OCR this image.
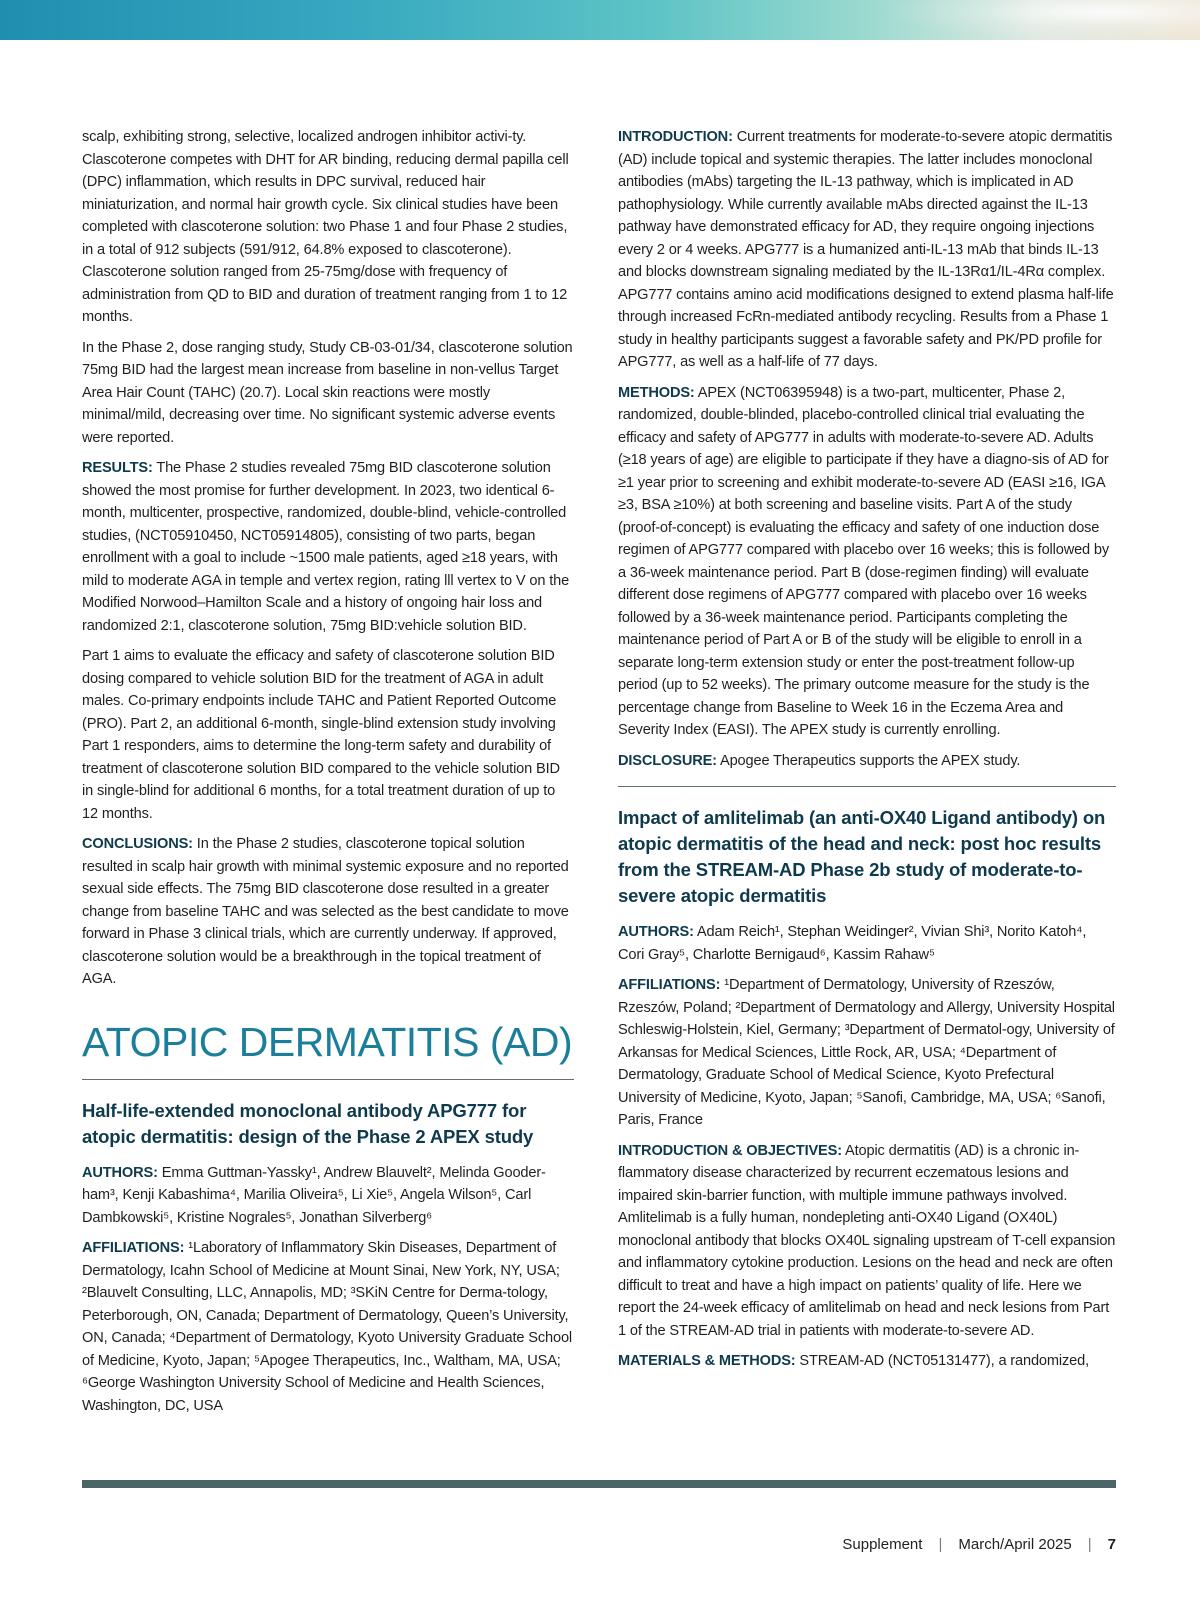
scalp, exhibiting strong, selective, localized androgen inhibitor activi-ty. Clascoterone competes with DHT for AR binding, reducing dermal papilla cell (DPC) inflammation, which results in DPC survival, reduced hair miniaturization, and normal hair growth cycle. Six clinical studies have been completed with clascoterone solution: two Phase 1 and four Phase 2 studies, in a total of 912 subjects (591/912, 64.8% exposed to clascoterone). Clascoterone solution ranged from 25-75mg/dose with frequency of administration from QD to BID and duration of treatment ranging from 1 to 12 months.

In the Phase 2, dose ranging study, Study CB-03-01/34, clascoterone solution 75mg BID had the largest mean increase from baseline in non-vellus Target Area Hair Count (TAHC) (20.7). Local skin reactions were mostly minimal/mild, decreasing over time. No significant systemic adverse events were reported.

RESULTS: The Phase 2 studies revealed 75mg BID clascoterone solution showed the most promise for further development. In 2023, two identical 6-month, multicenter, prospective, randomized, double-blind, vehicle-controlled studies, (NCT05910450, NCT05914805), consisting of two parts, began enrollment with a goal to include ~1500 male patients, aged ≥18 years, with mild to moderate AGA in temple and vertex region, rating lll vertex to V on the Modified Norwood–Hamilton Scale and a history of ongoing hair loss and randomized 2:1, clascoterone solution, 75mg BID:vehicle solution BID.

Part 1 aims to evaluate the efficacy and safety of clascoterone solution BID dosing compared to vehicle solution BID for the treatment of AGA in adult males. Co-primary endpoints include TAHC and Patient Reported Outcome (PRO). Part 2, an additional 6-month, single-blind extension study involving Part 1 responders, aims to determine the long-term safety and durability of treatment of clascoterone solution BID compared to the vehicle solution BID in single-blind for additional 6 months, for a total treatment duration of up to 12 months.

CONCLUSIONS: In the Phase 2 studies, clascoterone topical solution resulted in scalp hair growth with minimal systemic exposure and no reported sexual side effects. The 75mg BID clascoterone dose resulted in a greater change from baseline TAHC and was selected as the best candidate to move forward in Phase 3 clinical trials, which are currently underway. If approved, clascoterone solution would be a breakthrough in the topical treatment of AGA.

ATOPIC DERMATITIS (AD)
Half-life-extended monoclonal antibody APG777 for atopic dermatitis: design of the Phase 2 APEX study

AUTHORS: Emma Guttman-Yassky¹, Andrew Blauvelt², Melinda Gooder-ham³, Kenji Kabashima⁴, Marilia Oliveira⁵, Li Xie⁵, Angela Wilson⁵, Carl Dambkowski⁵, Kristine Nograles⁵, Jonathan Silverberg⁶

AFFILIATIONS: ¹Laboratory of Inflammatory Skin Diseases, Department of Dermatology, Icahn School of Medicine at Mount Sinai, New York, NY, USA; ²Blauvelt Consulting, LLC, Annapolis, MD; ³SKiN Centre for Derma-tology, Peterborough, ON, Canada; Department of Dermatology, Queen’s University, ON, Canada; ⁴Department of Dermatology, Kyoto University Graduate School of Medicine, Kyoto, Japan; ⁵Apogee Therapeutics, Inc., Waltham, MA, USA; ⁶George Washington University School of Medicine and Health Sciences, Washington, DC, USA

INTRODUCTION: Current treatments for moderate-to-severe atopic dermatitis (AD) include topical and systemic therapies. The latter includes monoclonal antibodies (mAbs) targeting the IL-13 pathway, which is implicated in AD pathophysiology. While currently available mAbs directed against the IL-13 pathway have demonstrated efficacy for AD, they require ongoing injections every 2 or 4 weeks. APG777 is a humanized anti-IL-13 mAb that binds IL-13 and blocks downstream signaling mediated by the IL-13Rα1/IL-4Rα complex. APG777 contains amino acid modifications designed to extend plasma half-life through increased FcRn-mediated antibody recycling. Results from a Phase 1 study in healthy participants suggest a favorable safety and PK/PD profile for APG777, as well as a half-life of 77 days.

METHODS: APEX (NCT06395948) is a two-part, multicenter, Phase 2, randomized, double-blinded, placebo-controlled clinical trial evaluating the efficacy and safety of APG777 in adults with moderate-to-severe AD. Adults (≥18 years of age) are eligible to participate if they have a diagno-sis of AD for ≥1 year prior to screening and exhibit moderate-to-severe AD (EASI ≥16, IGA ≥3, BSA ≥10%) at both screening and baseline visits. Part A of the study (proof-of-concept) is evaluating the efficacy and safety of one induction dose regimen of APG777 compared with placebo over 16 weeks; this is followed by a 36-week maintenance period. Part B (dose-regimen finding) will evaluate different dose regimens of APG777 compared with placebo over 16 weeks followed by a 36-week maintenance period. Participants completing the maintenance period of Part A or B of the study will be eligible to enroll in a separate long-term extension study or enter the post-treatment follow-up period (up to 52 weeks). The primary outcome measure for the study is the percentage change from Baseline to Week 16 in the Eczema Area and Severity Index (EASI). The APEX study is currently enrolling.

DISCLOSURE: Apogee Therapeutics supports the APEX study.

Impact of amlitelimab (an anti-OX40 Ligand antibody) on atopic dermatitis of the head and neck: post hoc results from the STREAM-AD Phase 2b study of moderate-to-severe atopic dermatitis

AUTHORS: Adam Reich¹, Stephan Weidinger², Vivian Shi³, Norito Katoh⁴, Cori Gray⁵, Charlotte Bernigaud⁶, Kassim Rahaw⁵

AFFILIATIONS: ¹Department of Dermatology, University of Rzeszów, Rzeszów, Poland; ²Department of Dermatology and Allergy, University Hospital Schleswig-Holstein, Kiel, Germany; ³Department of Dermatol-ogy, University of Arkansas for Medical Sciences, Little Rock, AR, USA; ⁴Department of Dermatology, Graduate School of Medical Science, Kyoto Prefectural University of Medicine, Kyoto, Japan; ⁵Sanofi, Cambridge, MA, USA; ⁶Sanofi, Paris, France

INTRODUCTION & OBJECTIVES: Atopic dermatitis (AD) is a chronic in-flammatory disease characterized by recurrent eczematous lesions and impaired skin-barrier function, with multiple immune pathways involved. Amlitelimab is a fully human, nondepleting anti-OX40 Ligand (OX40L) monoclonal antibody that blocks OX40L signaling upstream of T-cell expansion and inflammatory cytokine production. Lesions on the head and neck are often difficult to treat and have a high impact on patients’ quality of life. Here we report the 24-week efficacy of amlitelimab on head and neck lesions from Part 1 of the STREAM-AD trial in patients with moderate-to-severe AD.

MATERIALS & METHODS: STREAM-AD (NCT05131477), a randomized,

Supplement | March/April 2025 | 7
